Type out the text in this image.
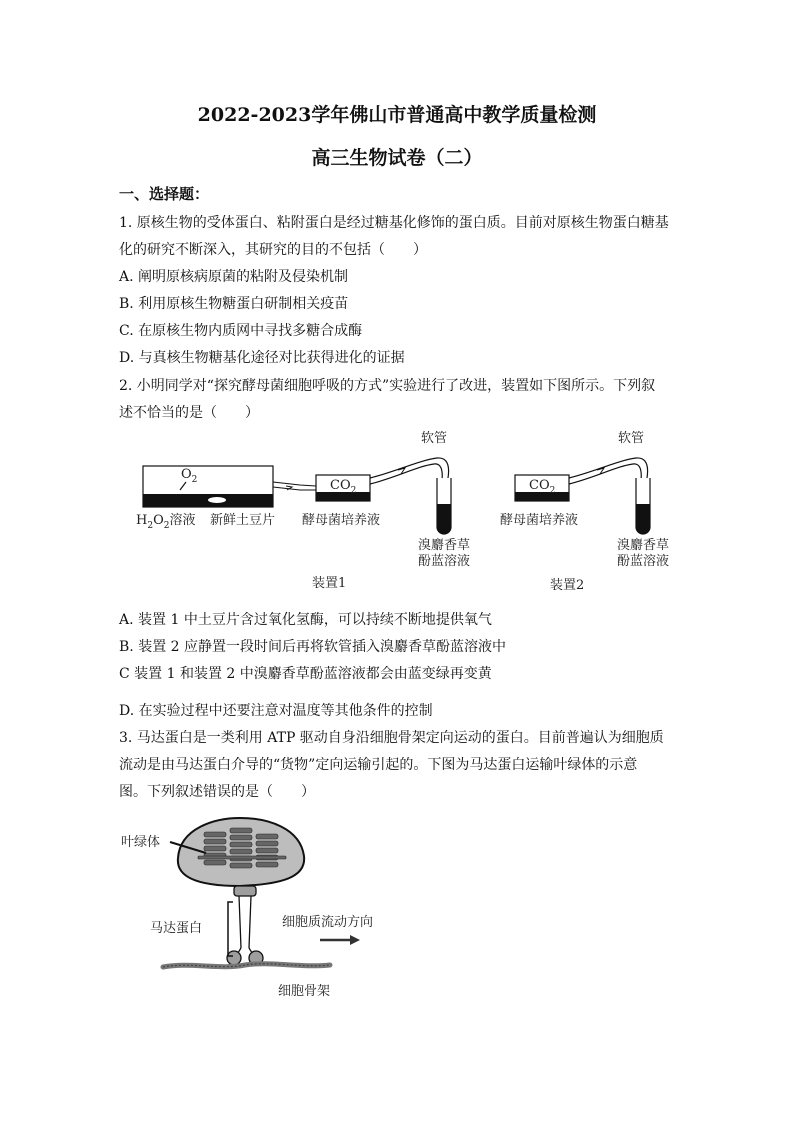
2022-2023学年佛山市普通高中教学质量检测
高三生物试卷（二）
一、选择题：
1. 原核生物的受体蛋白、粘附蛋白是经过糖基化修饰的蛋白质。目前对原核生物蛋白糖基
化的研究不断深入，其研究的目的不包括（　　）
A. 阐明原核病原菌的粘附及侵染机制
B. 利用原核生物糖蛋白研制相关疫苗
C. 在原核生物内质网中寻找多糖合成酶
D. 与真核生物糖基化途径对比获得进化的证据
2. 小明同学对“探究酵母菌细胞呼吸的方式”实验进行了改进，装置如下图所示。下列叙
述不恰当的是（　　）
$O_2$
$H_2O_2$溶液 新鲜土豆片
$CO_2$
酵母菌培养液
软管
溴麝香草
酚蓝溶液
装置1
$CO_2$
酵母菌培养液
软管
溴麝香草
酚蓝溶液
装置2
A. 装置 1 中土豆片含过氧化氢酶，可以持续不断地提供氧气
B. 装置 2 应静置一段时间后再将软管插入溴麝香草酚蓝溶液中
C 装置 1 和装置 2 中溴麝香草酚蓝溶液都会由蓝变绿再变黄
D. 在实验过程中还要注意对温度等其他条件的控制
3. 马达蛋白是一类利用 ATP 驱动自身沿细胞骨架定向运动的蛋白。目前普遍认为细胞质
流动是由马达蛋白介导的“货物”定向运输引起的。下图为马达蛋白运输叶绿体的示意
图。下列叙述错误的是（　　）
叶绿体
马达蛋白
细胞骨架
细胞质流动方向
